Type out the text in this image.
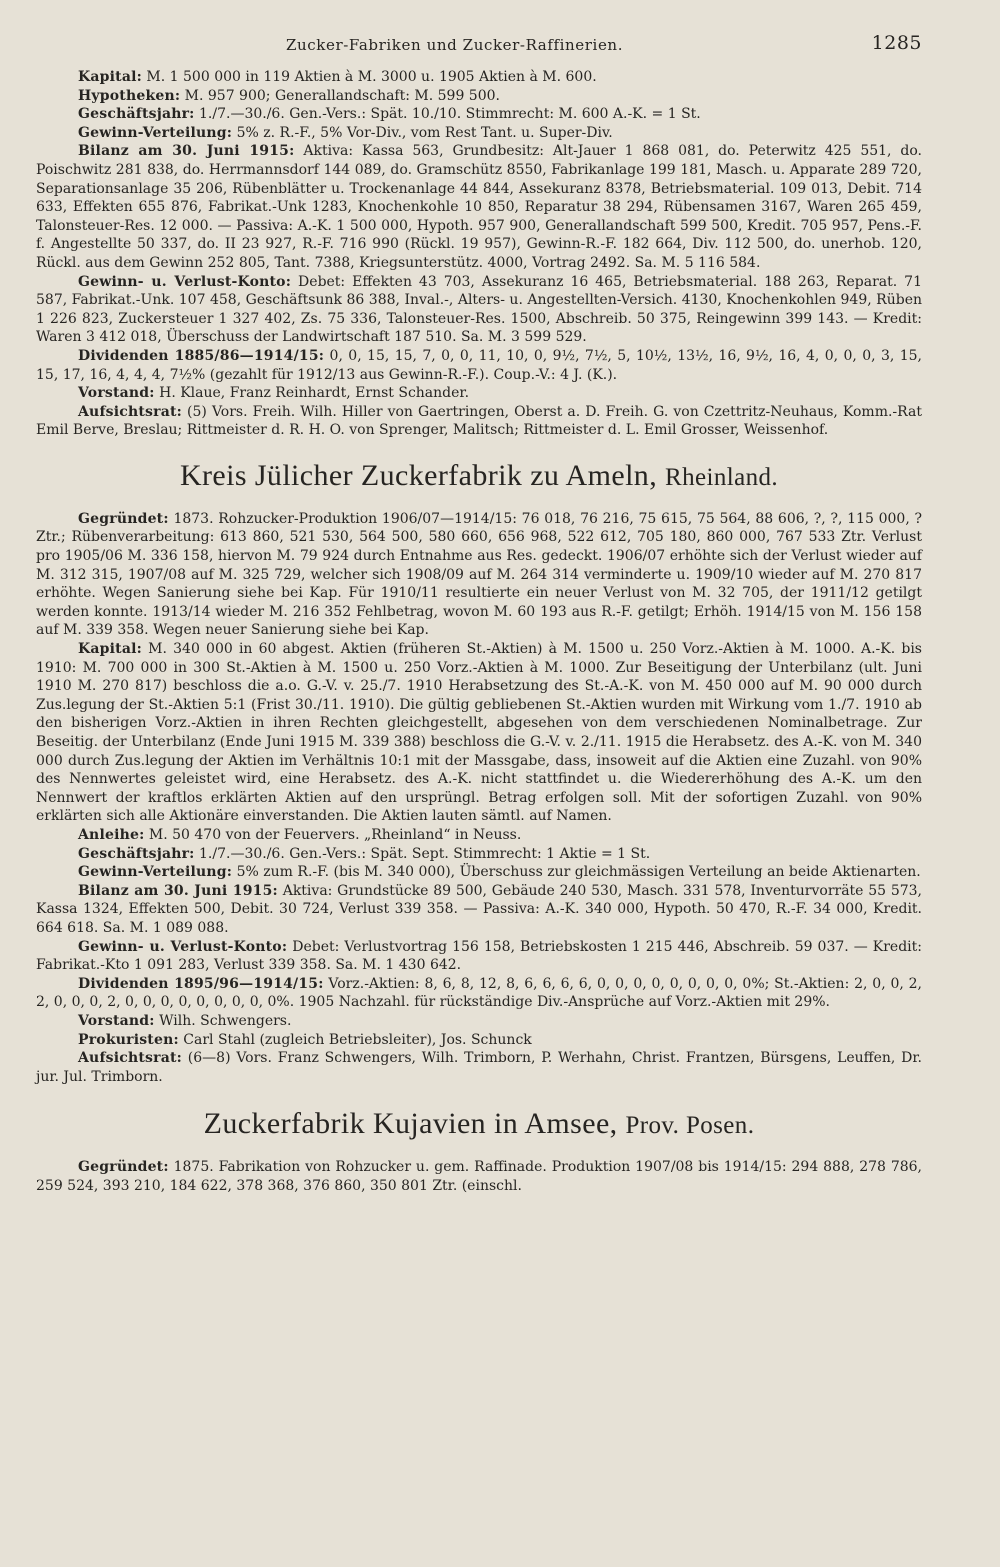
Zucker-Fabriken und Zucker-Raffinerien.	1285

Kapital: M. 1 500 000 in 119 Aktien à M. 3000 u. 1905 Aktien à M. 600.

Hypotheken: M. 957 900; Generallandschaft: M. 599 500.

Geschäftsjahr: 1./7.—30./6. Gen.-Vers.: Spät. 10./10. Stimmrecht: M. 600 A.-K. = 1 St.

Gewinn-Verteilung: 5% z. R.-F., 5% Vor-Div., vom Rest Tant. u. Super-Div.

Bilanz am 30. Juni 1915: Aktiva: Kassa 563, Grundbesitz: Alt-Jauer 1 868 081, do. Peterwitz 425 551, do. Poischwitz 281 838, do. Herrmannsdorf 144 089, do. Gramschütz 8550, Fabrikanlage 199 181, Masch. u. Apparate 289 720, Separationsanlage 35 206, Rübenblätter u. Trockenanlage 44 844, Assekuranz 8378, Betriebsmaterial. 109 013, Debit. 714 633, Effekten 655 876, Fabrikat.-Unk 1283, Knochenkohle 10 850, Reparatur 38 294, Rübensamen 3167, Waren 265 459, Talonsteuer-Res. 12 000. — Passiva: A.-K. 1 500 000, Hypoth. 957 900, Generallandschaft 599 500, Kredit. 705 957, Pens.-F. f. Angestellte 50 337, do. II 23 927, R.-F. 716 990 (Rückl. 19 957), Gewinn-R.-F. 182 664, Div. 112 500, do. unerhob. 120, Rückl. aus dem Gewinn 252 805, Tant. 7388, Kriegsunterstütz. 4000, Vortrag 2492. Sa. M. 5 116 584.

Gewinn- u. Verlust-Konto: Debet: Effekten 43 703, Assekuranz 16 465, Betriebsmaterial. 188 263, Reparat. 71 587, Fabrikat.-Unk. 107 458, Geschäftsunk 86 388, Inval.-, Alters- u. Angestellten-Versich. 4130, Knochenkohlen 949, Rüben 1 226 823, Zuckersteuer 1 327 402, Zs. 75 336, Talonsteuer-Res. 1500, Abschreib. 50 375, Reingewinn 399 143. — Kredit: Waren 3 412 018, Überschuss der Landwirtschaft 187 510. Sa. M. 3 599 529.

Dividenden 1885/86—1914/15: 0, 0, 15, 15, 7, 0, 0, 11, 10, 0, 9½, 7½, 5, 10½, 13½, 16, 9½, 16, 4, 0, 0, 0, 3, 15, 15, 17, 16, 4, 4, 4, 7½% (gezahlt für 1912/13 aus Gewinn-R.-F.). Coup.-V.: 4 J. (K.).

Vorstand: H. Klaue, Franz Reinhardt, Ernst Schander.

Aufsichtsrat: (5) Vors. Freih. Wilh. Hiller von Gaertringen, Oberst a. D. Freih. G. von Czettritz-Neuhaus, Komm.-Rat Emil Berve, Breslau; Rittmeister d. R. H. O. von Sprenger, Malitsch; Rittmeister d. L. Emil Grosser, Weissenhof.

Kreis Jülicher Zuckerfabrik zu Ameln, Rheinland.

Gegründet: 1873. Rohzucker-Produktion 1906/07—1914/15: 76 018, 76 216, 75 615, 75 564, 88 606, ?, ?, 115 000, ? Ztr.; Rübenverarbeitung: 613 860, 521 530, 564 500, 580 660, 656 968, 522 612, 705 180, 860 000, 767 533 Ztr. Verlust pro 1905/06 M. 336 158, hiervon M. 79 924 durch Entnahme aus Res. gedeckt. 1906/07 erhöhte sich der Verlust wieder auf M. 312 315, 1907/08 auf M. 325 729, welcher sich 1908/09 auf M. 264 314 verminderte u. 1909/10 wieder auf M. 270 817 erhöhte. Wegen Sanierung siehe bei Kap. Für 1910/11 resultierte ein neuer Verlust von M. 32 705, der 1911/12 getilgt werden konnte. 1913/14 wieder M. 216 352 Fehlbetrag, wovon M. 60 193 aus R.-F. getilgt; Erhöh. 1914/15 von M. 156 158 auf M. 339 358. Wegen neuer Sanierung siehe bei Kap.

Kapital: M. 340 000 in 60 abgest. Aktien (früheren St.-Aktien) à M. 1500 u. 250 Vorz.-Aktien à M. 1000. A.-K. bis 1910: M. 700 000 in 300 St.-Aktien à M. 1500 u. 250 Vorz.-Aktien à M. 1000. Zur Beseitigung der Unterbilanz (ult. Juni 1910 M. 270 817) beschloss die a.o. G.-V. v. 25./7. 1910 Herabsetzung des St.-A.-K. von M. 450 000 auf M. 90 000 durch Zus.legung der St.-Aktien 5:1 (Frist 30./11. 1910). Die gültig gebliebenen St.-Aktien wurden mit Wirkung vom 1./7. 1910 ab den bisherigen Vorz.-Aktien in ihren Rechten gleichgestellt, abgesehen von dem verschiedenen Nominalbetrage. Zur Beseitig. der Unterbilanz (Ende Juni 1915 M. 339 388) beschloss die G.-V. v. 2./11. 1915 die Herabsetz. des A.-K. von M. 340 000 durch Zus.legung der Aktien im Verhältnis 10:1 mit der Massgabe, dass, insoweit auf die Aktien eine Zuzahl. von 90% des Nennwertes geleistet wird, eine Herabsetz. des A.-K. nicht stattfindet u. die Wiedererhöhung des A.-K. um den Nennwert der kraftlos erklärten Aktien auf den ursprüngl. Betrag erfolgen soll. Mit der sofortigen Zuzahl. von 90% erklärten sich alle Aktionäre einverstanden. Die Aktien lauten sämtl. auf Namen.

Anleihe: M. 50 470 von der Feuervers. „Rheinland“ in Neuss.

Geschäftsjahr: 1./7.—30./6. Gen.-Vers.: Spät. Sept. Stimmrecht: 1 Aktie = 1 St.

Gewinn-Verteilung: 5% zum R.-F. (bis M. 340 000), Überschuss zur gleichmässigen Verteilung an beide Aktienarten.

Bilanz am 30. Juni 1915: Aktiva: Grundstücke 89 500, Gebäude 240 530, Masch. 331 578, Inventurvorräte 55 573, Kassa 1324, Effekten 500, Debit. 30 724, Verlust 339 358. — Passiva: A.-K. 340 000, Hypoth. 50 470, R.-F. 34 000, Kredit. 664 618. Sa. M. 1 089 088.

Gewinn- u. Verlust-Konto: Debet: Verlustvortrag 156 158, Betriebskosten 1 215 446, Abschreib. 59 037. — Kredit: Fabrikat.-Kto 1 091 283, Verlust 339 358. Sa. M. 1 430 642.

Dividenden 1895/96—1914/15: Vorz.-Aktien: 8, 6, 8, 12, 8, 6, 6, 6, 6, 0, 0, 0, 0, 0, 0, 0, 0, 0%; St.-Aktien: 2, 0, 0, 2, 2, 0, 0, 0, 2, 0, 0, 0, 0, 0, 0, 0, 0, 0%. 1905 Nachzahl. für rückständige Div.-Ansprüche auf Vorz.-Aktien mit 29%.

Vorstand: Wilh. Schwengers.

Prokuristen: Carl Stahl (zugleich Betriebsleiter), Jos. Schunck

Aufsichtsrat: (6—8) Vors. Franz Schwengers, Wilh. Trimborn, P. Werhahn, Christ. Frantzen, Bürsgens, Leuffen, Dr. jur. Jul. Trimborn.

Zuckerfabrik Kujavien in Amsee, Prov. Posen.

Gegründet: 1875. Fabrikation von Rohzucker u. gem. Raffinade. Produktion 1907/08 bis 1914/15: 294 888, 278 786, 259 524, 393 210, 184 622, 378 368, 376 860, 350 801 Ztr. (einschl.
